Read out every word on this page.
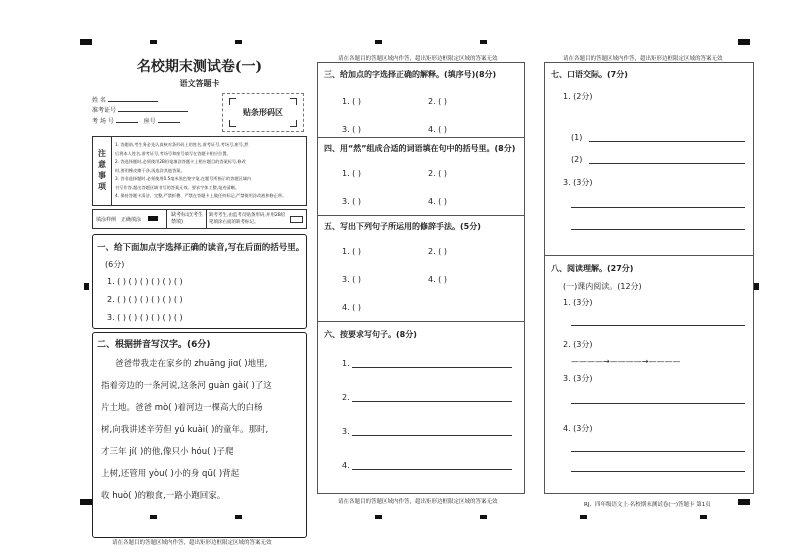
名校期末测试卷(一)
语文答题卡
姓 名
准考证号
考 场 号	座号
贴条形码区
注意事项
1. 答题前,考生务必先认真核对条形码上的姓名,准考证号,考场号,座号,然
后将本人姓名,准考证号,考场号和座号填写在答题卡相应位置。
2. 答选择题时,必须使用2B铅笔填涂答题卡上相应题目的答案标号,修改
时,要用橡皮擦干净,再选涂其他答案。
3. 答非选择题时,必须使用0.5毫米黑色签字笔,在题号所指示的答题区域内
书写作答,超出答题区域书写的答案无效。要求字体工整,笔迹清晰。
4. 保持答题卡清洁、完整,严禁折叠、严禁在答题卡上做任何标记,严禁使用涂改液和修正带。
填涂样例 正确填涂
缺考标记(考生禁填)
缺考考生,由监考员贴条形码,并用2B铅笔填涂右面的缺考标记。
一、给下面加点字选择正确的读音,写在后面的括号里。
(6分)
1. ( ) ( ) ( ) ( ) ( ) ( )
2. ( ) ( ) ( ) ( ) ( ) ( )
3. ( ) ( ) ( ) ( ) ( ) ( )
二、根据拼音写汉字。(6分)
爸爸带我走在家乡的 zhuāng jiɑ( )地里,
指着旁边的一条河说,这条河 guàn gài( )了这
片土地。爸爸 mò( )着河边一棵高大的白杨
树,向我讲述辛劳但 yú kuài( )的童年。那时,
才三年 jí( )的他,像只小 hóu( )子爬
上树,还管用 yòu( )小的身 qū( )背起
收 huò( )的粮食,一路小跑回家。
请在各题目的答题区域内作答，超出矩形边框限定区域的答案无效
请在各题目的答题区域内作答，超出矩形边框限定区域的答案无效
三、给加点的字选择正确的解释。(填序号)(8分)
1. ( )	2. ( )
3. ( )	4. ( )
四、用“然”组成合适的词语填在句中的括号里。(8分)
1. ( )	2. ( )
3. ( )	4. ( )
五、写出下列句子所运用的修辞手法。(5分)
1. ( )	2. ( )
3. ( )	4. ( )
4. ( )
六、按要求写句子。(8分)
1.
2.
3.
4.
请在各题目的答题区域内作答，超出矩形边框限定区域的答案无效
请在各题目的答题区域内作答，超出矩形边框限定区域的答案无效
七、口语交际。(7分)
1. (2分)
(1)
(2)
3. (3分)
八、阅读理解。(27分)
(一)课内阅读。(12分)
1. (3分)
2. (3分)
————→————→————
3. (3分)
4. (3分)
RJ、四年级语文上·名校期末测试卷(一)答题卡 第1页
